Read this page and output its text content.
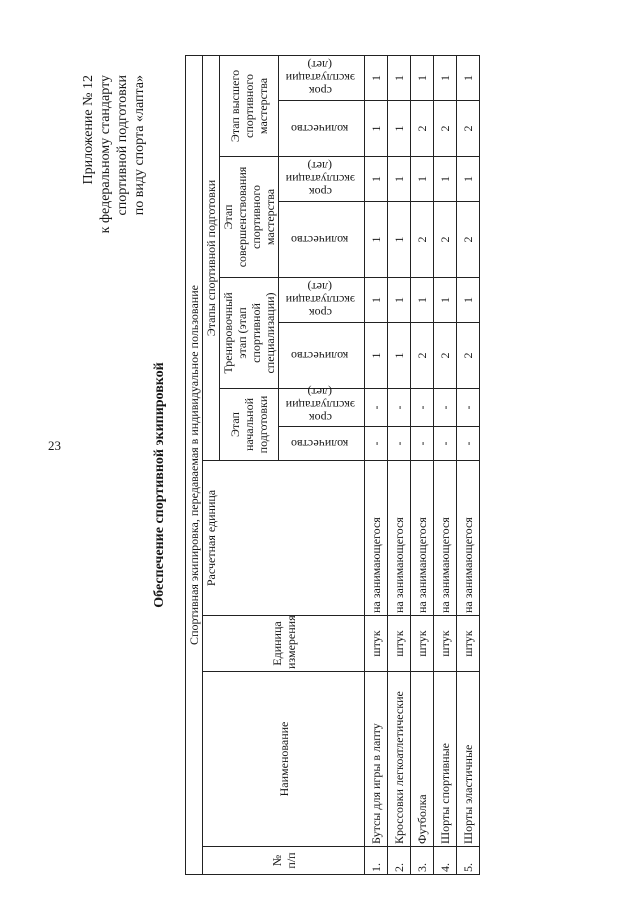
23
Приложение № 12 к федеральному стандарту спортивной подготовки по виду спорта «лапта»
Обеспечение спортивной экипировкой Спортивная экипировка, передаваемая в индивидуальное пользование											
№ п/п	Наименование	Единица измерения	Расчетная единица	Этапы спортивной подготовки							
				Этап начальной подготовки		Тренировочный этап (этап спортивной специализации)		Этап совершенствования спортивного мастерства		Этап высшего спортивного мастерства	
				количество	срок эксплуатации (лет)	количество	срок эксплуатации (лет)	количество	срок эксплуатации (лет)	количество	срок эксплуатации (лет)
1.	Бутсы для игры в лапту	штук	на занимающегося	-	-	1	1	1	1	1	1
2.	Кроссовки легкоатлетические	штук	на занимающегося	-	-	1	1	1	1	1	1
3.	Футболка	штук	на занимающегося	-	-	2	1	2	1	2	1
4.	Шорты спортивные	штук	на занимающегося	-	-	2	1	2	1	2	1
5.	Шорты эластичные	штук	на занимающегося	-	-	2	1	2	1	2	1
